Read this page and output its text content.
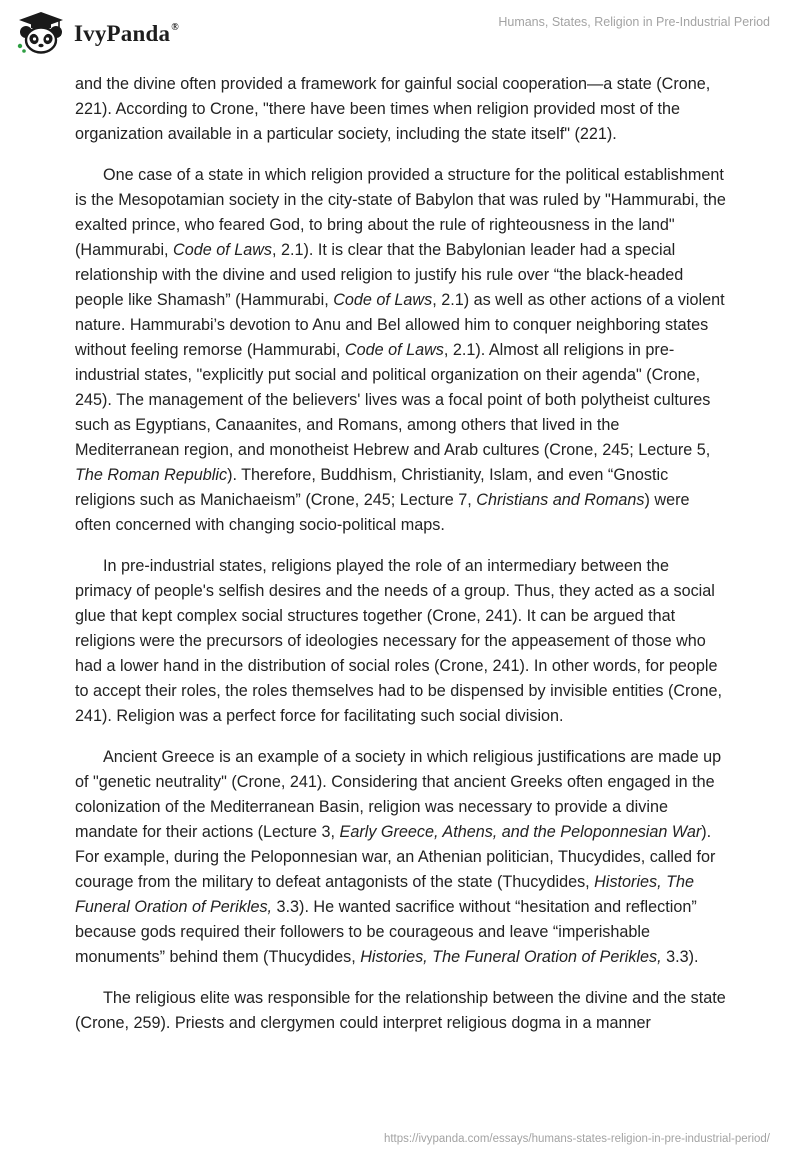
IvyPanda®	Humans, States, Religion in Pre-Industrial Period

and the divine often provided a framework for gainful social cooperation—a state (Crone, 221). According to Crone, "there have been times when religion provided most of the organization available in a particular society, including the state itself" (221).

One case of a state in which religion provided a structure for the political establishment is the Mesopotamian society in the city-state of Babylon that was ruled by "Hammurabi, the exalted prince, who feared God, to bring about the rule of righteousness in the land" (Hammurabi, Code of Laws, 2.1). It is clear that the Babylonian leader had a special relationship with the divine and used religion to justify his rule over “the black-headed people like Shamash” (Hammurabi, Code of Laws, 2.1) as well as other actions of a violent nature. Hammurabi’s devotion to Anu and Bel allowed him to conquer neighboring states without feeling remorse (Hammurabi, Code of Laws, 2.1). Almost all religions in pre-industrial states, "explicitly put social and political organization on their agenda" (Crone, 245). The management of the believers' lives was a focal point of both polytheist cultures such as Egyptians, Canaanites, and Romans, among others that lived in the Mediterranean region, and monotheist Hebrew and Arab cultures (Crone, 245; Lecture 5, The Roman Republic). Therefore, Buddhism, Christianity, Islam, and even “Gnostic religions such as Manichaeism” (Crone, 245; Lecture 7, Christians and Romans) were often concerned with changing socio-political maps.

In pre-industrial states, religions played the role of an intermediary between the primacy of people's selfish desires and the needs of a group. Thus, they acted as a social glue that kept complex social structures together (Crone, 241). It can be argued that religions were the precursors of ideologies necessary for the appeasement of those who had a lower hand in the distribution of social roles (Crone, 241). In other words, for people to accept their roles, the roles themselves had to be dispensed by invisible entities (Crone, 241). Religion was a perfect force for facilitating such social division.

Ancient Greece is an example of a society in which religious justifications are made up of "genetic neutrality" (Crone, 241). Considering that ancient Greeks often engaged in the colonization of the Mediterranean Basin, religion was necessary to provide a divine mandate for their actions (Lecture 3, Early Greece, Athens, and the Peloponnesian War). For example, during the Peloponnesian war, an Athenian politician, Thucydides, called for courage from the military to defeat antagonists of the state (Thucydides, Histories, The Funeral Oration of Perikles, 3.3). He wanted sacrifice without “hesitation and reflection” because gods required their followers to be courageous and leave “imperishable monuments” behind them (Thucydides, Histories, The Funeral Oration of Perikles, 3.3).

The religious elite was responsible for the relationship between the divine and the state (Crone, 259). Priests and clergymen could interpret religious dogma in a manner

https://ivypanda.com/essays/humans-states-religion-in-pre-industrial-period/
